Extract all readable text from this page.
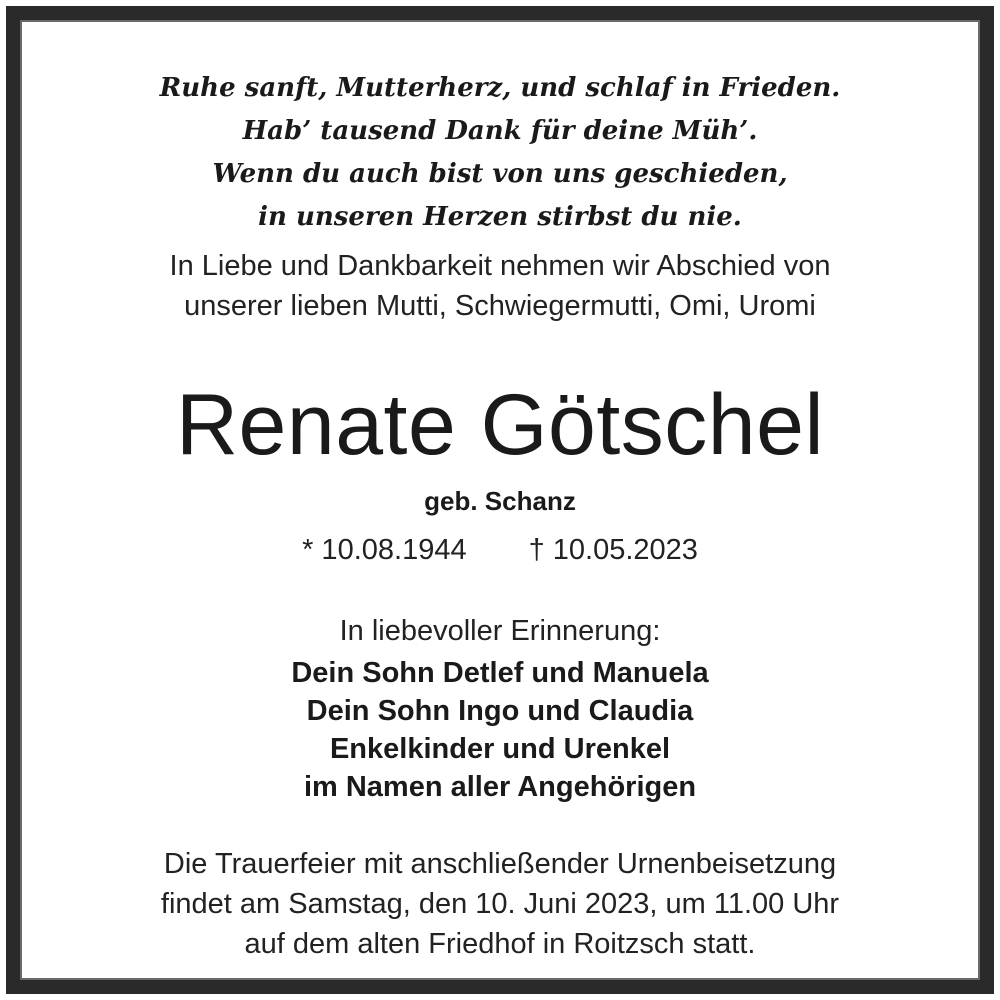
Ruhe sanft, Mutterherz, und schlaf in Frieden.
Hab’ tausend Dank für deine Müh’.
Wenn du auch bist von uns geschieden,
in unseren Herzen stirbst du nie.
In Liebe und Dankbarkeit nehmen wir Abschied von
unserer lieben Mutti, Schwiegermutti, Omi, Uromi
Renate Götschel
geb. Schanz
* 10.08.1944 † 10.05.2023
In liebevoller Erinnerung:
Dein Sohn Detlef und Manuela
Dein Sohn Ingo und Claudia
Enkelkinder und Urenkel
im Namen aller Angehörigen
Die Trauerfeier mit anschließender Urnenbeisetzung
findet am Samstag, den 10. Juni 2023, um 11.00 Uhr
auf dem alten Friedhof in Roitzsch statt.
